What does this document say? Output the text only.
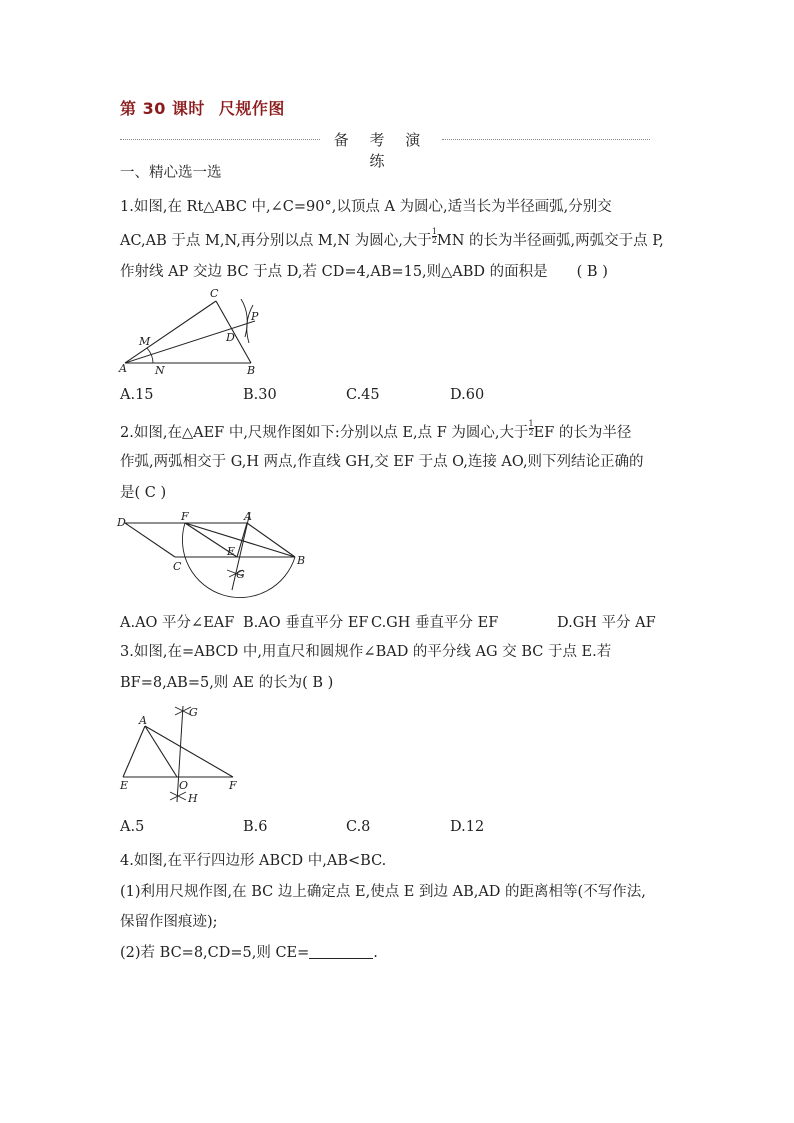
第 30 课时 尺规作图
备 考 演 练
一、精心选一选
1.如图,在 Rt△ABC 中,∠C=90°,以顶点 A 为圆心,适当长为半径画弧,分别交
AC,AB 于点 M,N,再分别以点 M,N 为圆心,大于 $\frac{1}{2}$ MN 的长为半径画弧,两弧交于点 P,
作射线 AP 交边 BC 于点 D,若 CD=4,AB=15,则△ABD 的面积是　　( B )
C
P
M	D
A	N	B
A.15	B.30	C.45	D.60
2.如图,在△AEF 中,尺规作图如下:分别以点 E,点 F 为圆心,大于 $\frac{1}{2}$ EF 的长为半径
作弧,两弧相交于 G,H 两点,作直线 GH,交 EF 于点 O,连接 AO,则下列结论正确的
是( C )
D	F	A
E
B
C
G
A.AO 平分∠EAF B.AO 垂直平分 EF C.GH 垂直平分 EF	D.GH 平分 AF
3.如图,在=ABCD 中,用直尺和圆规作∠BAD 的平分线 AG 交 BC 于点 E.若
BF=8,AB=5,则 AE 的长为( B )
A
G
E	O	F
H
A.5	B.6	C.8	D.12
4.如图,在平行四边形 ABCD 中,AB<BC.
(1)利用尺规作图,在 BC 边上确定点 E,使点 E 到边 AB,AD 的距离相等(不写作法,
保留作图痕迹);
(2)若 BC=8,CD=5,则 CE=	.
